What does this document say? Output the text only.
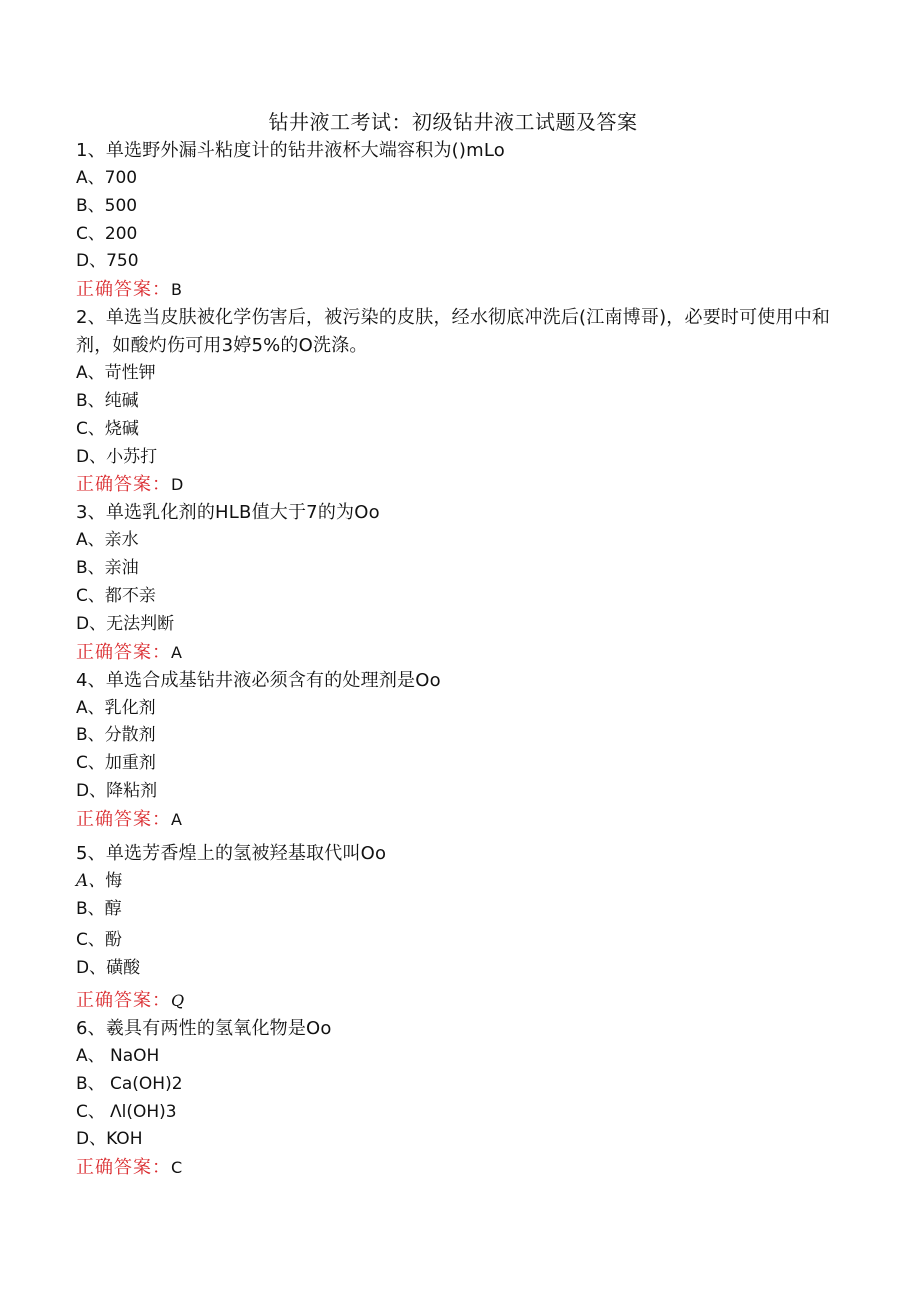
钻井液工考试：初级钻井液工试题及答案

1、单选野外漏斗粘度计的钻井液杯大端容积为()mLo

A、700

B、500

C、200

D、750

正确答案：B

2、单选当皮肤被化学伤害后，被污染的皮肤，经水彻底冲洗后(江南博哥)，必要时可使用中和剂，如酸灼伤可用3婷5%的O洗涤。

A、苛性钾

B、纯碱

C、烧碱

D、小苏打

正确答案：D

3、单选乳化剂的HLB值大于7的为Oo

A、亲水

B、亲油

C、都不亲

D、无法判断

正确答案：A

4、单选合成基钻井液必须含有的处理剂是Oo

A、乳化剂

B、分散剂

C、加重剂

D、降粘剂

正确答案：A

5、单选芳香煌上的氢被羟基取代叫Oo

A、悔

B、醇

C、酚

D、磺酸

正确答案：Q

6、羲具有两性的氢氧化物是Oo

A、 NaOH

B、 Ca(OH)2

C、 Λl(OH)3

D、KOH

正确答案：C
